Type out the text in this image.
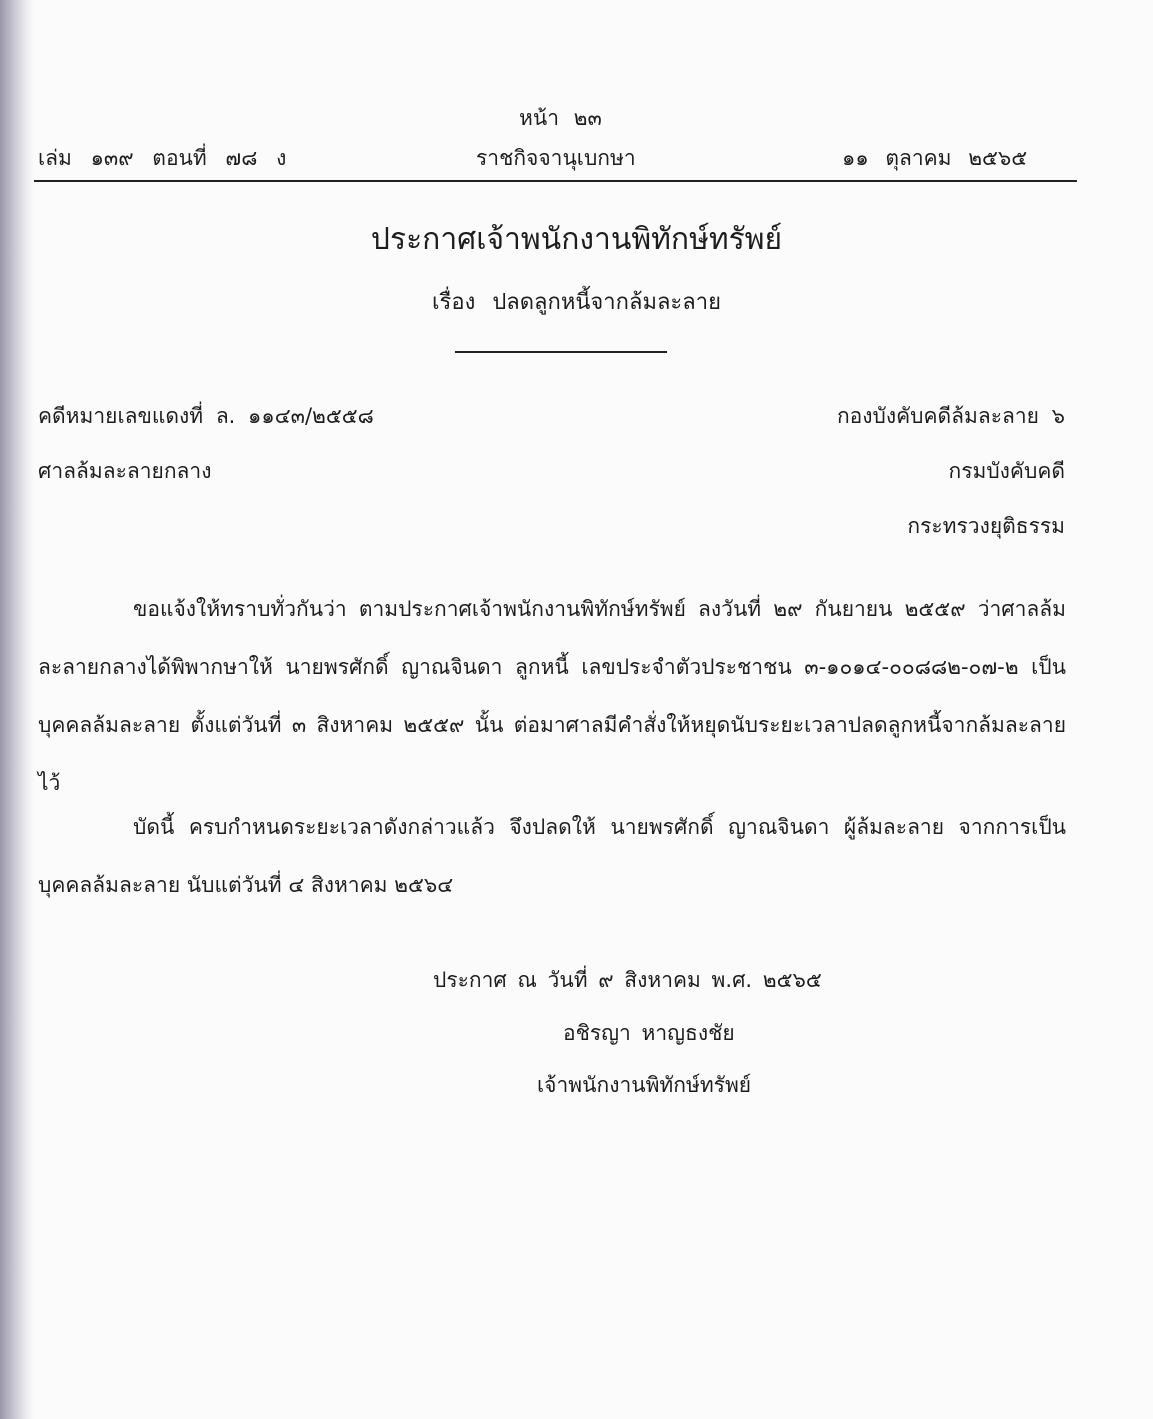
หน้า ๒๓
เล่ม ๑๓๙ ตอนที่ ๗๘ ง	ราชกิจจานุเบกษา	๑๑ ตุลาคม ๒๕๖๕
ประกาศเจ้าพนักงานพิทักษ์ทรัพย์
เรื่อง ปลดลูกหนี้จากล้มละลาย
คดีหมายเลขแดงที่ ล. ๑๑๔๓/๒๕๕๘
ศาลล้มละลายกลาง
กองบังคับคดีล้มละลาย ๖
กรมบังคับคดี
กระทรวงยุติธรรม

ขอแจ้งให้ทราบทั่วกันว่า ตามประกาศเจ้าพนักงานพิทักษ์ทรัพย์ ลงวันที่ ๒๙ กันยายน ๒๕๕๙ ว่าศาลล้มละลายกลางได้พิพากษาให้ นายพรศักดิ์ ญาณจินดา ลูกหนี้ เลขประจำตัวประชาชน ๓-๑๐๑๔-๐๐๘๘๒-๐๗-๒ เป็นบุคคลล้มละลาย ตั้งแต่วันที่ ๓ สิงหาคม ๒๕๕๙ นั้น ต่อมาศาลมีคำสั่งให้หยุดนับระยะเวลาปลดลูกหนี้จากล้มละลายไว้

บัดนี้ ครบกำหนดระยะเวลาดังกล่าวแล้ว จึงปลดให้ นายพรศักดิ์ ญาณจินดา ผู้ล้มละลาย จากการเป็นบุคคลล้มละลาย นับแต่วันที่ ๔ สิงหาคม ๒๕๖๔

ประกาศ ณ วันที่ ๙ สิงหาคม พ.ศ. ๒๕๖๕
อชิรญา หาญธงชัย
เจ้าพนักงานพิทักษ์ทรัพย์
